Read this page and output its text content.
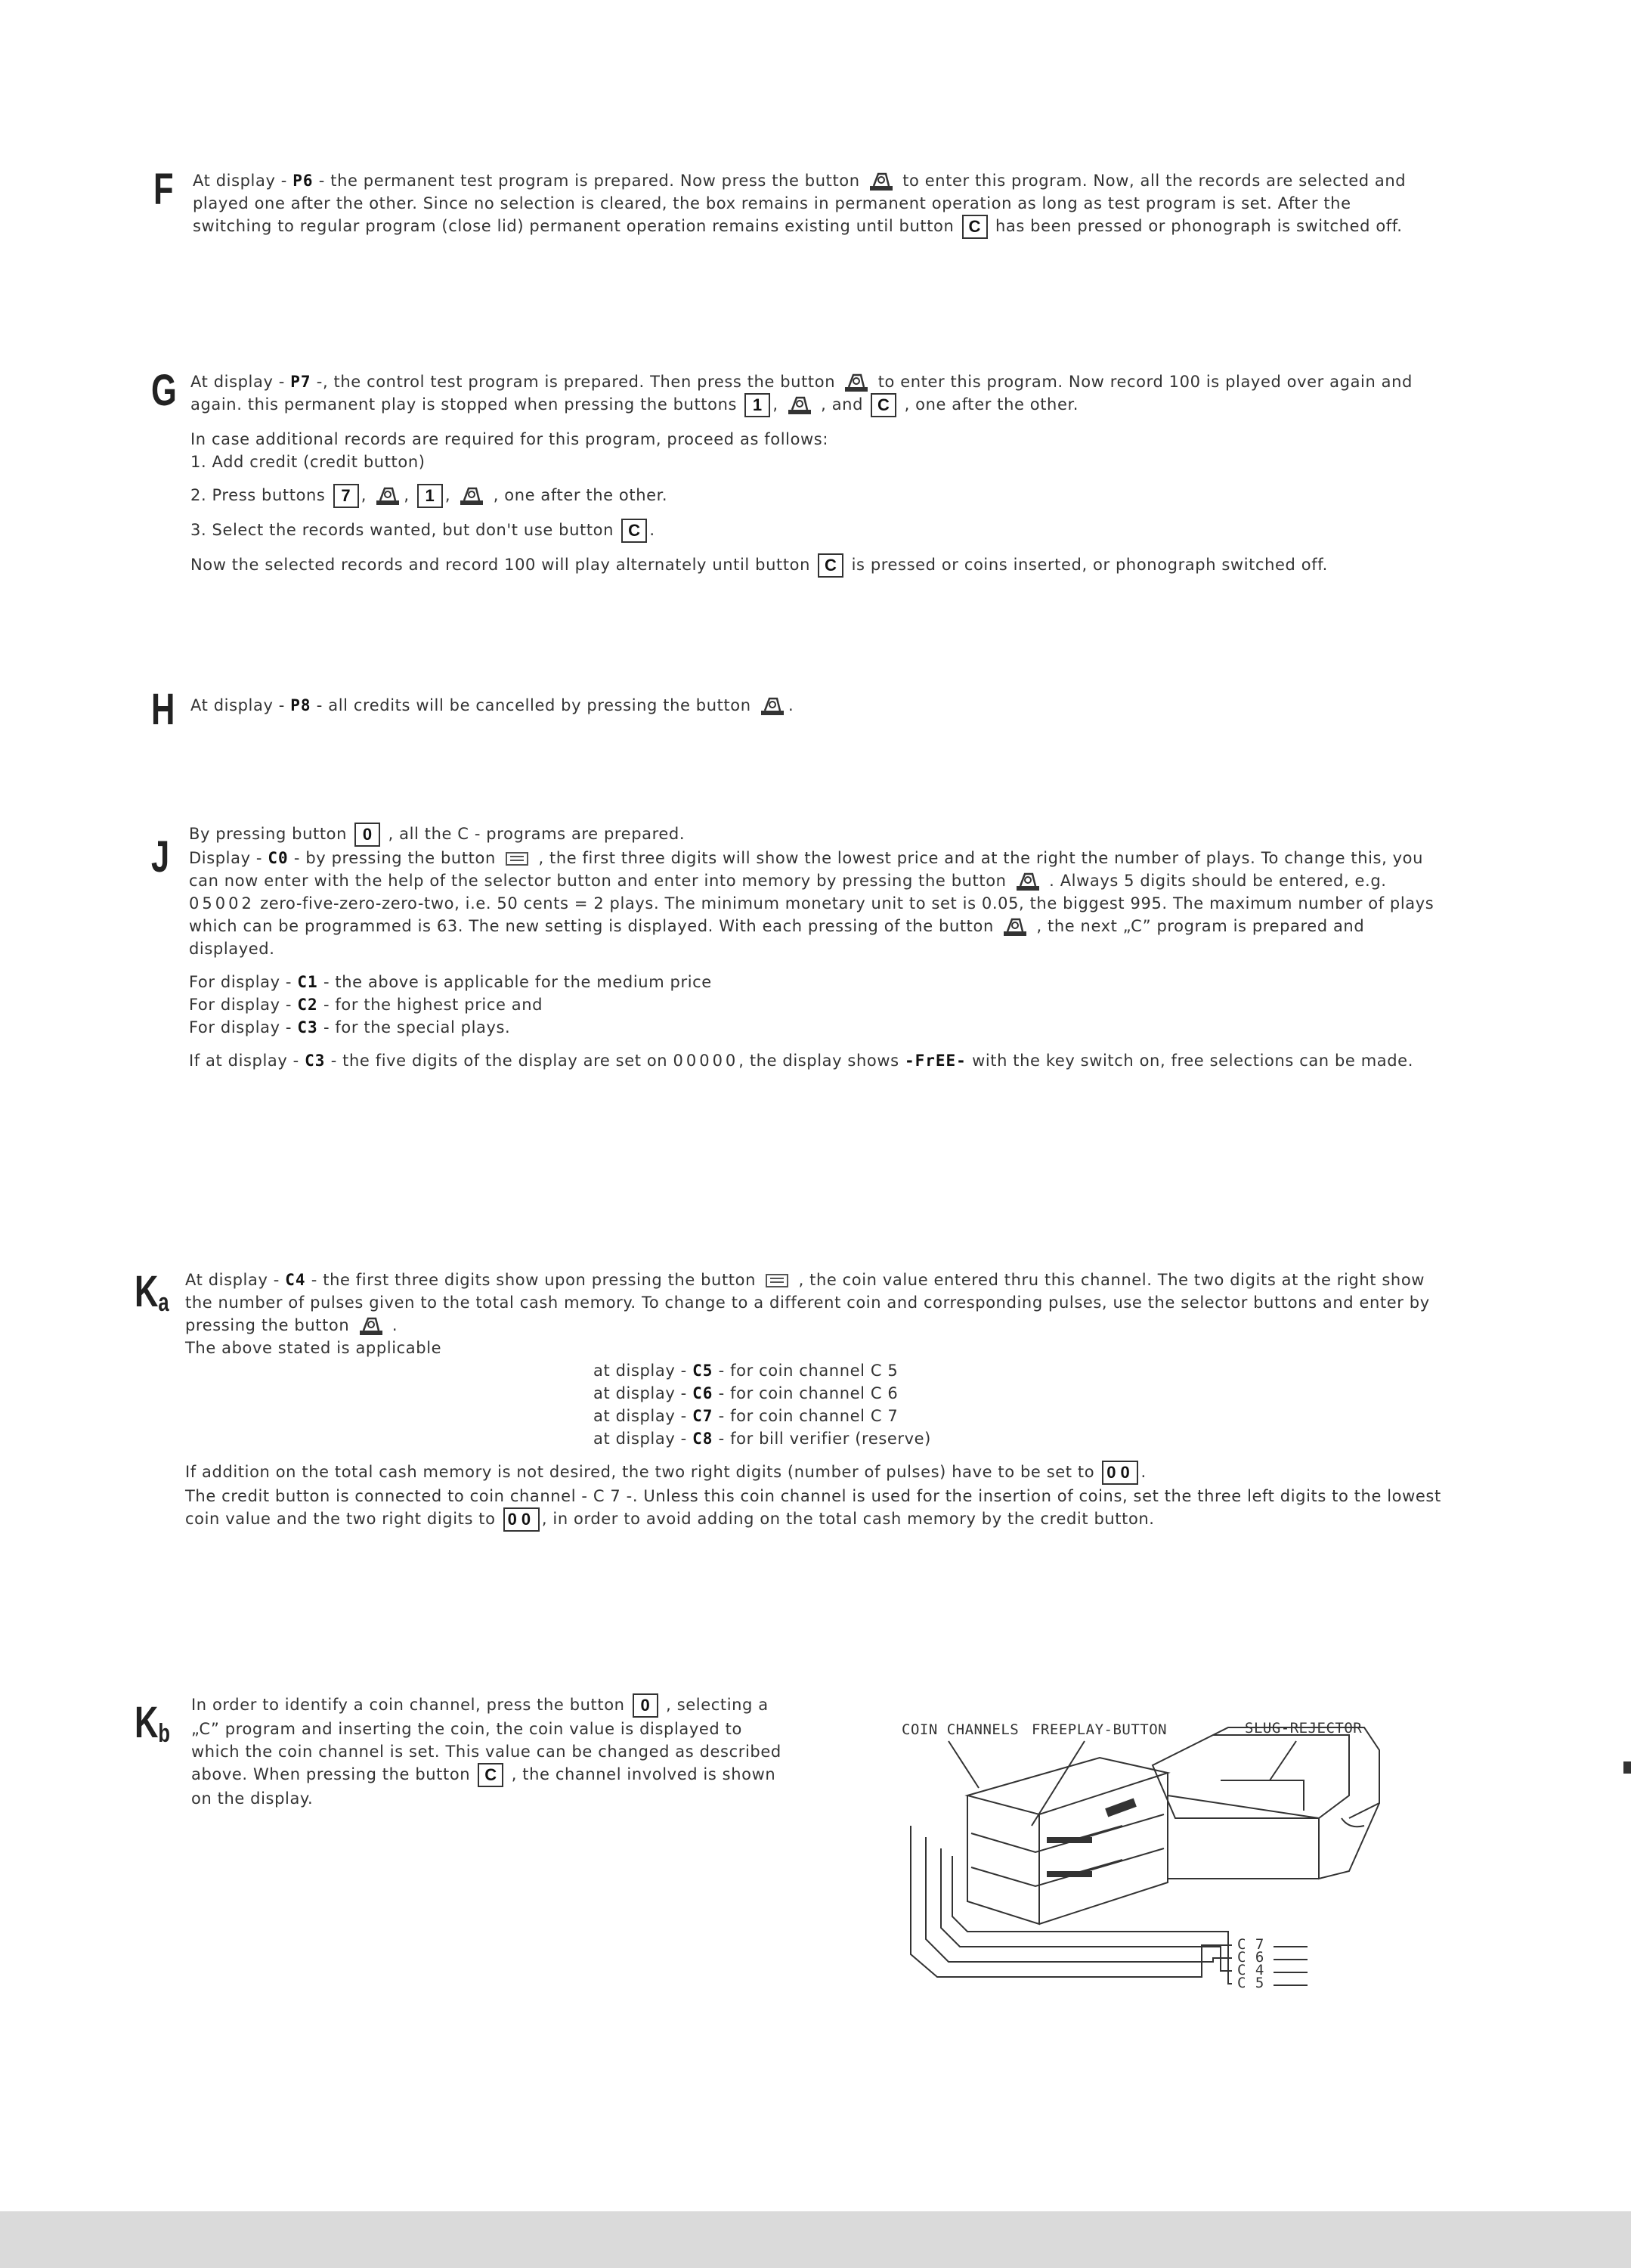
F At display - P6 - the permanent test program is prepared. Now press the button	to enter this program. Now, all the records are selected and played one after the other. Since no selection is cleared, the box remains in permanent operation as long as test program is set. After the switching to regular program (close lid) permanent operation remains existing until button C has been pressed or phonograph is switched off.

G At display - P7 -, the control test program is prepared. Then press the button	to enter this program. Now record 100 is played over again and again. this permanent play is stopped when pressing the buttons 1 ,	, and C , one after the other.

In case additional records are required for this program, proceed as follows:

1. Add credit (credit button)

2. Press buttons 7 , , 1 ,	, one after the other.

3. Select the records wanted, but don't use button C .

Now the selected records and record 100 will play alternately until button C is pressed or coins inserted, or phonograph switched off.

H At display - P8 - all credits will be cancelled by pressing the button .

J By pressing button 0 , all the C - programs are prepared.

Display - C0 - by pressing the button	, the first three digits will show the lowest price and at the right the number of plays. To change this, you can now enter with the help of the selector button and enter into memory by pressing the button	. Always 5 digits should be entered, e.g. 05002 zero-five-zero-zero-two, i.e. 50 cents = 2 plays. The minimum monetary unit to set is 0.05, the biggest 995. The maximum number of plays which can be programmed is 63. The new setting is displayed. With each pressing of the button	, the next „C” program is prepared and displayed.

For display - C1 - the above is applicable for the medium price

For display - C2 - for the highest price and

For display - C3 - for the special plays.

If at display - C3 - the five digits of the display are set on 00000, the display shows -FrEE- with the key switch on, free selections can be made.

$K_a$

At display - C4 - the first three digits show upon pressing the button	, the coin value entered thru this channel. The two digits at the right show the number of pulses given to the total cash memory. To change to a different coin and corresponding pulses, use the selector buttons and enter by pressing the button	.

The above stated is applicable

at display - C5 - for coin channel C 5

at display - C6 - for coin channel C 6

at display - C7 - for coin channel C 7

at display - C8 - for bill verifier (reserve)

If addition on the total cash memory is not desired, the two right digits (number of pulses) have to be set to 00 .

The credit button is connected to coin channel - C 7 -. Unless this coin channel is used for the insertion of coins, set the three left digits to the lowest coin value and the two right digits to 00 , in order to avoid adding on the total cash memory by the credit button.

$K_b$

In order to identify a coin channel, press the button 0 , selecting a „C” program and inserting the coin, the coin value is displayed to which the coin channel is set. This value can be changed as described above. When pressing the button C , the channel involved is shown on the display.

COIN CHANNELS FREEPLAY-BUTTON	SLUG-REJECTOR
C 7
C 6
C 4
C 5
